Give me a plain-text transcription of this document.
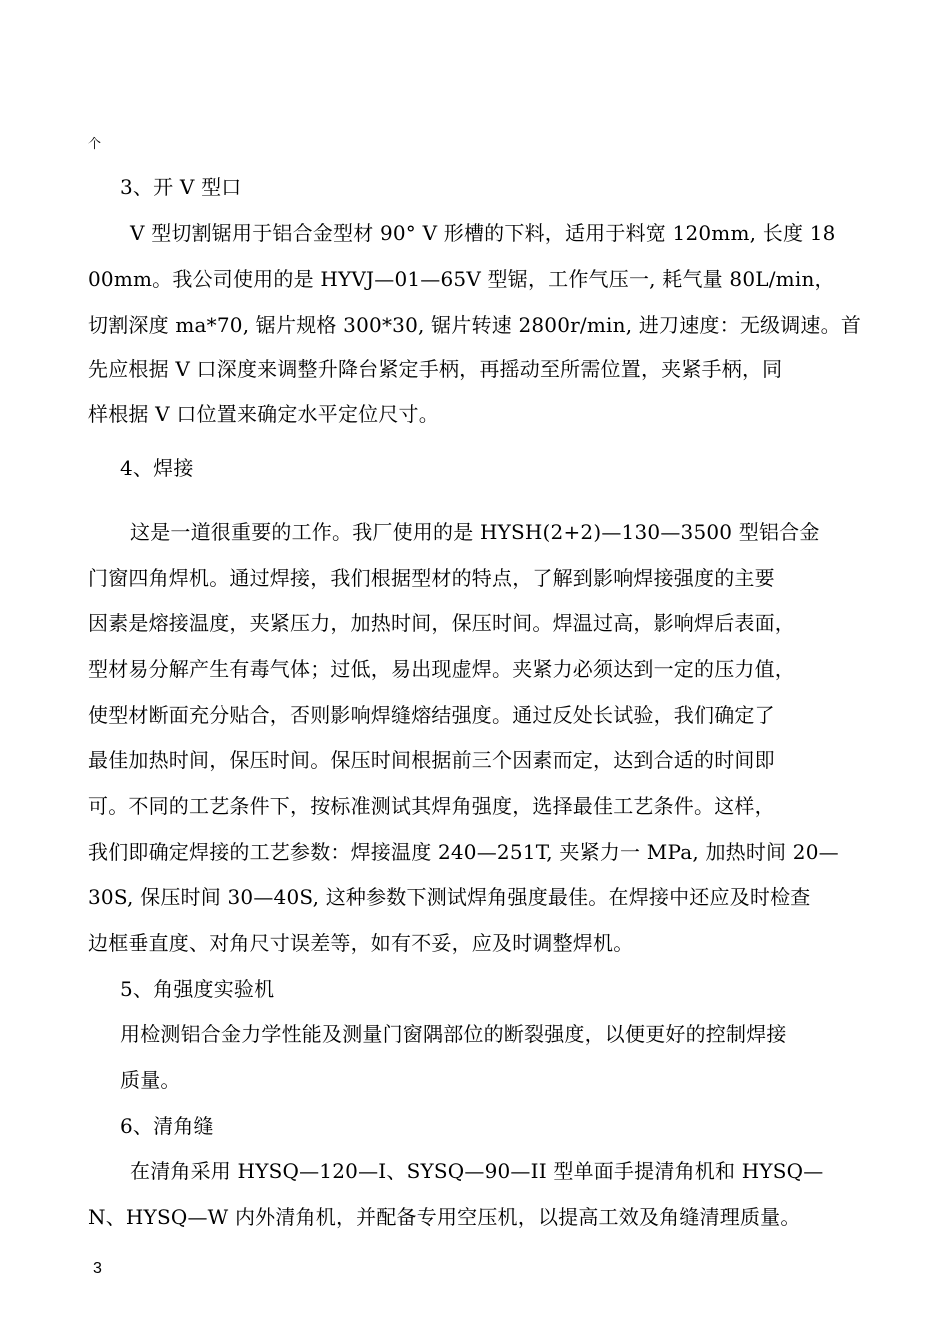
个
3、开 V 型口
V 型切割锯用于铝合金型材 90° V 形槽的下料，适用于料宽 120mm, 长度 18
00mm。我公司使用的是 HYVJ—01—65V 型锯，工作气压一, 耗气量 80L/min，
切割深度 ma*70, 锯片规格 300*30, 锯片转速 2800r/min, 进刀速度：无级调速。首
先应根据 V 口深度来调整升降台紧定手柄，再摇动至所需位置，夹紧手柄，同
样根据 V 口位置来确定水平定位尺寸。
4、焊接
这是一道很重要的工作。我厂使用的是 HYSH(2+2)—130—3500 型铝合金
门窗四角焊机。通过焊接，我们根据型材的特点，了解到影响焊接强度的主要
因素是熔接温度，夹紧压力，加热时间，保压时间。焊温过高，影响焊后表面，
型材易分解产生有毒气体；过低，易出现虚焊。夹紧力必须达到一定的压力值，
使型材断面充分贴合，否则影响焊缝熔结强度。通过反处长试验，我们确定了
最佳加热时间，保压时间。保压时间根据前三个因素而定，达到合适的时间即
可。不同的工艺条件下，按标准测试其焊角强度，选择最佳工艺条件。这样，
我们即确定焊接的工艺参数：焊接温度 240—251T, 夹紧力一 MPa, 加热时间 20—
30S, 保压时间 30—40S, 这种参数下测试焊角强度最佳。在焊接中还应及时检查
边框垂直度、对角尺寸误差等，如有不妥，应及时调整焊机。
5、角强度实验机
用检测铝合金力学性能及测量门窗隅部位的断裂强度，以便更好的控制焊接
质量。
6、清角缝
在清角采用 HYSQ—120—I、SYSQ—90—II 型单面手提清角机和 HYSQ—
N、HYSQ—W 内外清角机，并配备专用空压机，以提高工效及角缝清理质量。
3
